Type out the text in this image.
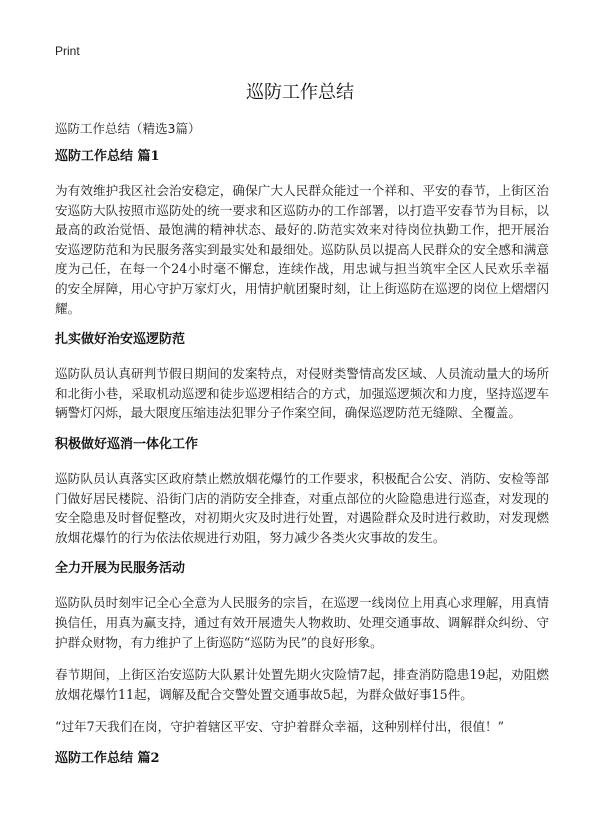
Print
巡防工作总结

巡防工作总结（精选3篇）

巡防工作总结 篇1

为有效维护我区社会治安稳定，确保广大人民群众能过一个祥和、平安的春节，上街区治安巡防大队按照市巡防处的统一要求和区巡防办的工作部署，以打造平安春节为目标，以最高的政治觉悟、最饱满的精神状态、最好的.防范实效来对待岗位执勤工作，把开展治安巡逻防范和为民服务落实到最实处和最细处。巡防队员以提高人民群众的安全感和满意度为己任，在每一个24小时毫不懈怠，连续作战，用忠诚与担当筑牢全区人民欢乐幸福的安全屏障，用心守护万家灯火，用情护航团聚时刻，让上街巡防在巡逻的岗位上熠熠闪耀。

扎实做好治安巡逻防范

巡防队员认真研判节假日期间的发案特点，对侵财类警情高发区域、人员流动量大的场所和北街小巷，采取机动巡逻和徒步巡逻相结合的方式，加强巡逻频次和力度，坚持巡逻车辆警灯闪烁，最大限度压缩违法犯罪分子作案空间，确保巡逻防范无缝隙、全覆盖。

积极做好巡消一体化工作

巡防队员认真落实区政府禁止燃放烟花爆竹的工作要求，积极配合公安、消防、安检等部门做好居民楼院、沿街门店的消防安全排查，对重点部位的火险隐患进行巡查，对发现的安全隐患及时督促整改，对初期火灾及时进行处置，对遇险群众及时进行救助，对发现燃放烟花爆竹的行为依法依规进行劝阻，努力减少各类火灾事故的发生。

全力开展为民服务活动

巡防队员时刻牢记全心全意为人民服务的宗旨，在巡逻一线岗位上用真心求理解，用真情换信任，用真为赢支持，通过有效开展遗失人物救助、处理交通事故、调解群众纠纷、守护群众财物，有力维护了上街巡防“巡防为民”的良好形象。

春节期间，上街区治安巡防大队累计处置先期火灾险情7起，排查消防隐患19起，劝阻燃放烟花爆竹11起，调解及配合交警处置交通事故5起，为群众做好事15件。

“过年7天我们在岗，守护着辖区平安、守护着群众幸福，这种别样付出，很值！”

巡防工作总结 篇2
